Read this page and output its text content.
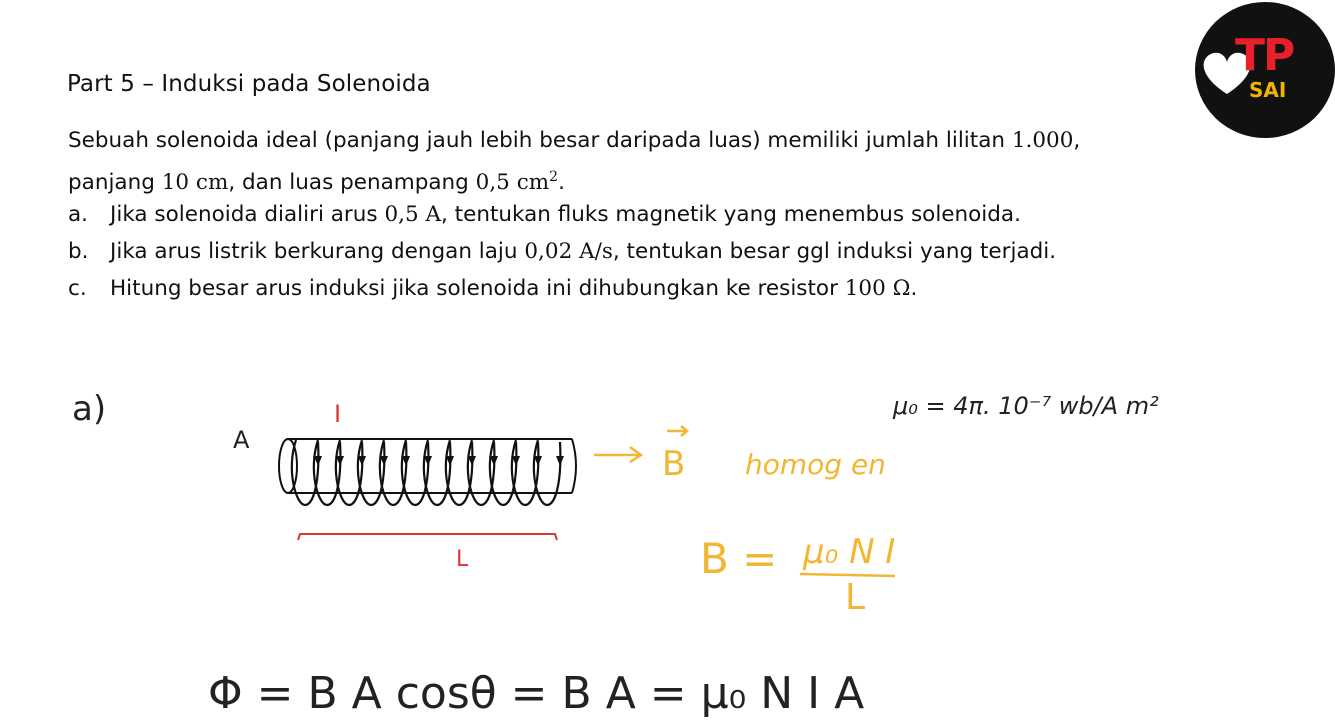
Part 5 – Induksi pada Solenoida
Sebuah solenoida ideal (panjang jauh lebih besar daripada luas) memiliki jumlah lilitan 1.000,
panjang 10 cm, dan luas penampang 0,5 $cm^2$.
a. Jika solenoida dialiri arus 0,5 A, tentukan fluks magnetik yang menembus solenoida.
b. Jika arus listrik berkurang dengan laju 0,02 A/s, tentukan besar ggl induksi yang terjadi.
c. Hitung besar arus induksi jika solenoida ini dihubungkan ke resistor 100 Ω.
TP
SAI
a)
A
I
L
B homog en
μ₀ = 4π. 10⁻⁷ wb/A m²
B = μ₀ N I
L
Φ = B A cosθ = B A = μ₀ N I A
